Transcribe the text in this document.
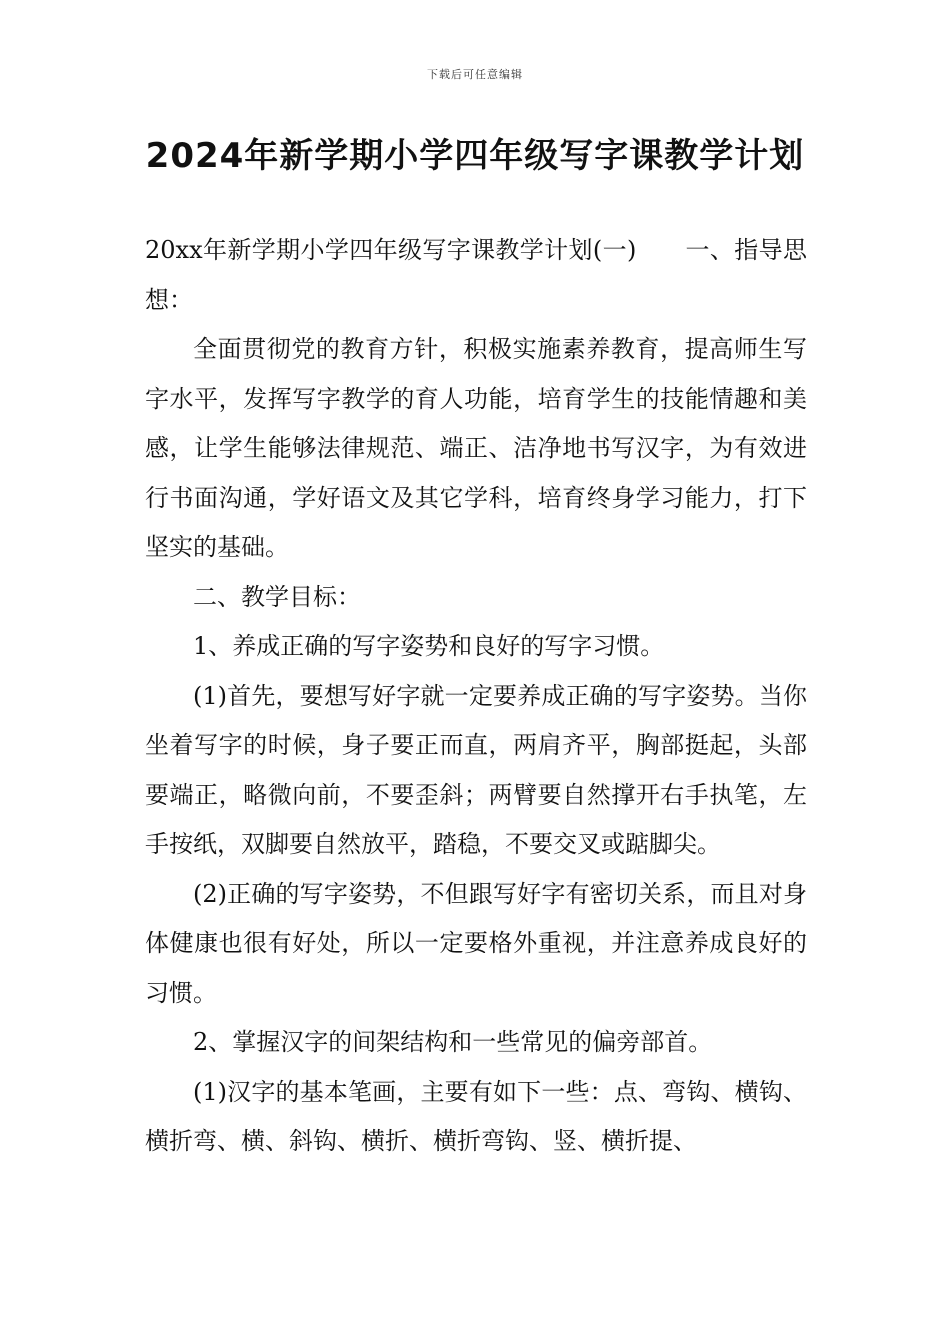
下载后可任意编辑
2024年新学期小学四年级写字课教学计划

20xx年新学期小学四年级写字课教学计划(一)　　一、指导思想：

全面贯彻党的教育方针，积极实施素养教育，提高师生写字水平，发挥写字教学的育人功能，培育学生的技能情趣和美感，让学生能够法律规范、端正、洁净地书写汉字，为有效进行书面沟通，学好语文及其它学科，培育终身学习能力，打下坚实的基础。

二、教学目标：

1、养成正确的写字姿势和良好的写字习惯。

(1)首先，要想写好字就一定要养成正确的写字姿势。当你坐着写字的时候，身子要正而直，两肩齐平，胸部挺起，头部要端正，略微向前，不要歪斜；两臂要自然撑开右手执笔，左手按纸，双脚要自然放平，踏稳，不要交叉或踮脚尖。

(2)正确的写字姿势，不但跟写好字有密切关系，而且对身体健康也很有好处，所以一定要格外重视，并注意养成良好的习惯。

2、掌握汉字的间架结构和一些常见的偏旁部首。

(1)汉字的基本笔画，主要有如下一些：点、弯钩、横钩、横折弯、横、斜钩、横折、横折弯钩、竖、横折提、
